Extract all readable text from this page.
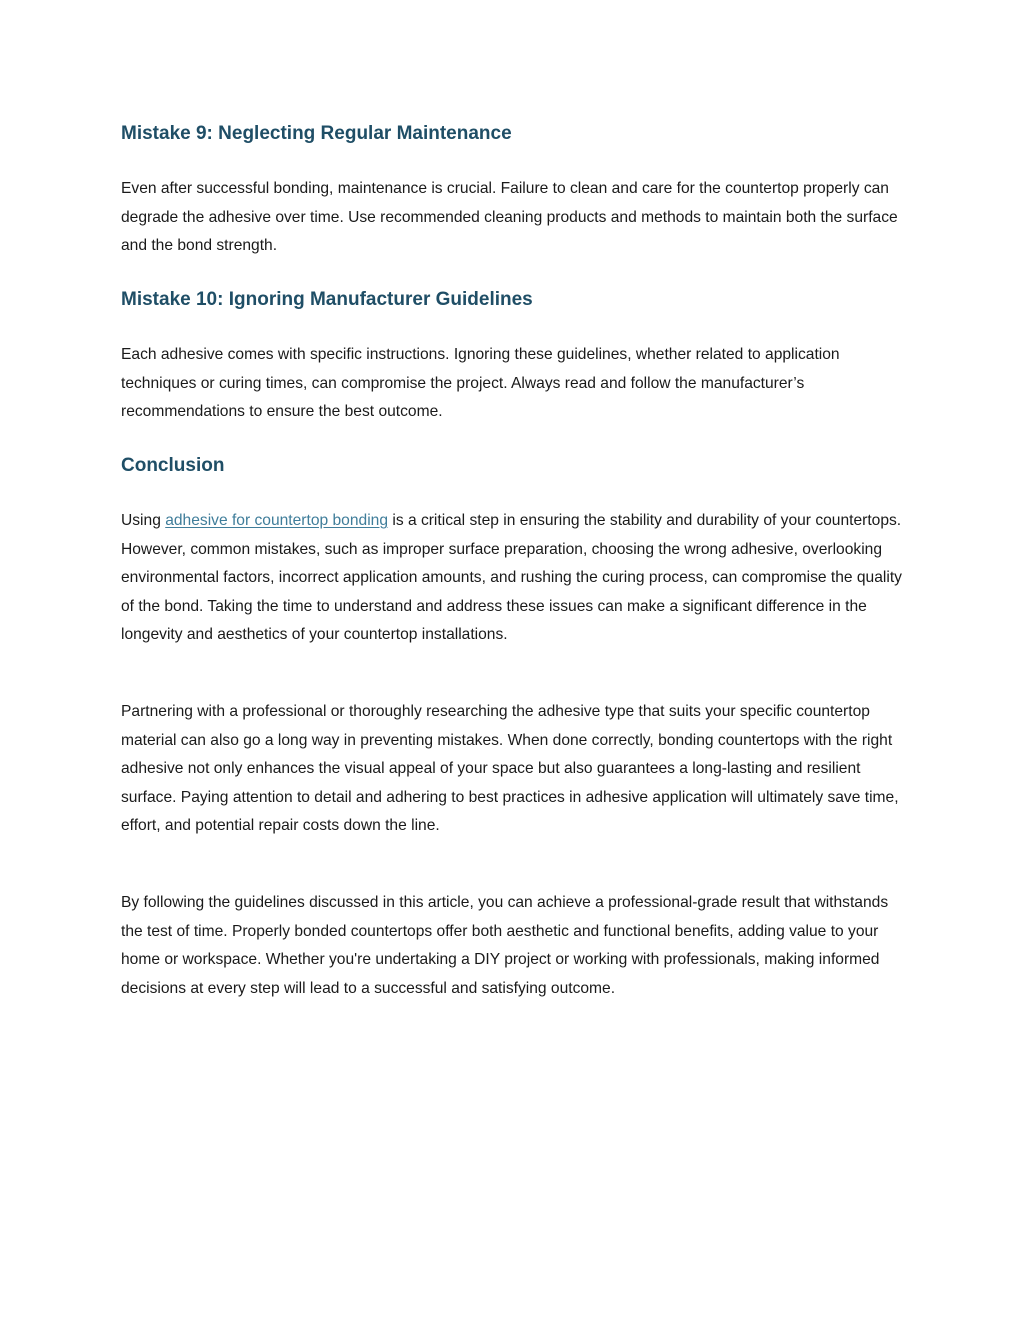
Mistake 9: Neglecting Regular Maintenance

Even after successful bonding, maintenance is crucial. Failure to clean and care for the countertop properly can degrade the adhesive over time. Use recommended cleaning products and methods to maintain both the surface and the bond strength.

Mistake 10: Ignoring Manufacturer Guidelines

Each adhesive comes with specific instructions. Ignoring these guidelines, whether related to application techniques or curing times, can compromise the project. Always read and follow the manufacturer’s recommendations to ensure the best outcome.

Conclusion

Using adhesive for countertop bonding is a critical step in ensuring the stability and durability of your countertops. However, common mistakes, such as improper surface preparation, choosing the wrong adhesive, overlooking environmental factors, incorrect application amounts, and rushing the curing process, can compromise the quality of the bond. Taking the time to understand and address these issues can make a significant difference in the longevity and aesthetics of your countertop installations.

Partnering with a professional or thoroughly researching the adhesive type that suits your specific countertop material can also go a long way in preventing mistakes. When done correctly, bonding countertops with the right adhesive not only enhances the visual appeal of your space but also guarantees a long-lasting and resilient surface. Paying attention to detail and adhering to best practices in adhesive application will ultimately save time, effort, and potential repair costs down the line.

By following the guidelines discussed in this article, you can achieve a professional-grade result that withstands the test of time. Properly bonded countertops offer both aesthetic and functional benefits, adding value to your home or workspace. Whether you're undertaking a DIY project or working with professionals, making informed decisions at every step will lead to a successful and satisfying outcome.
